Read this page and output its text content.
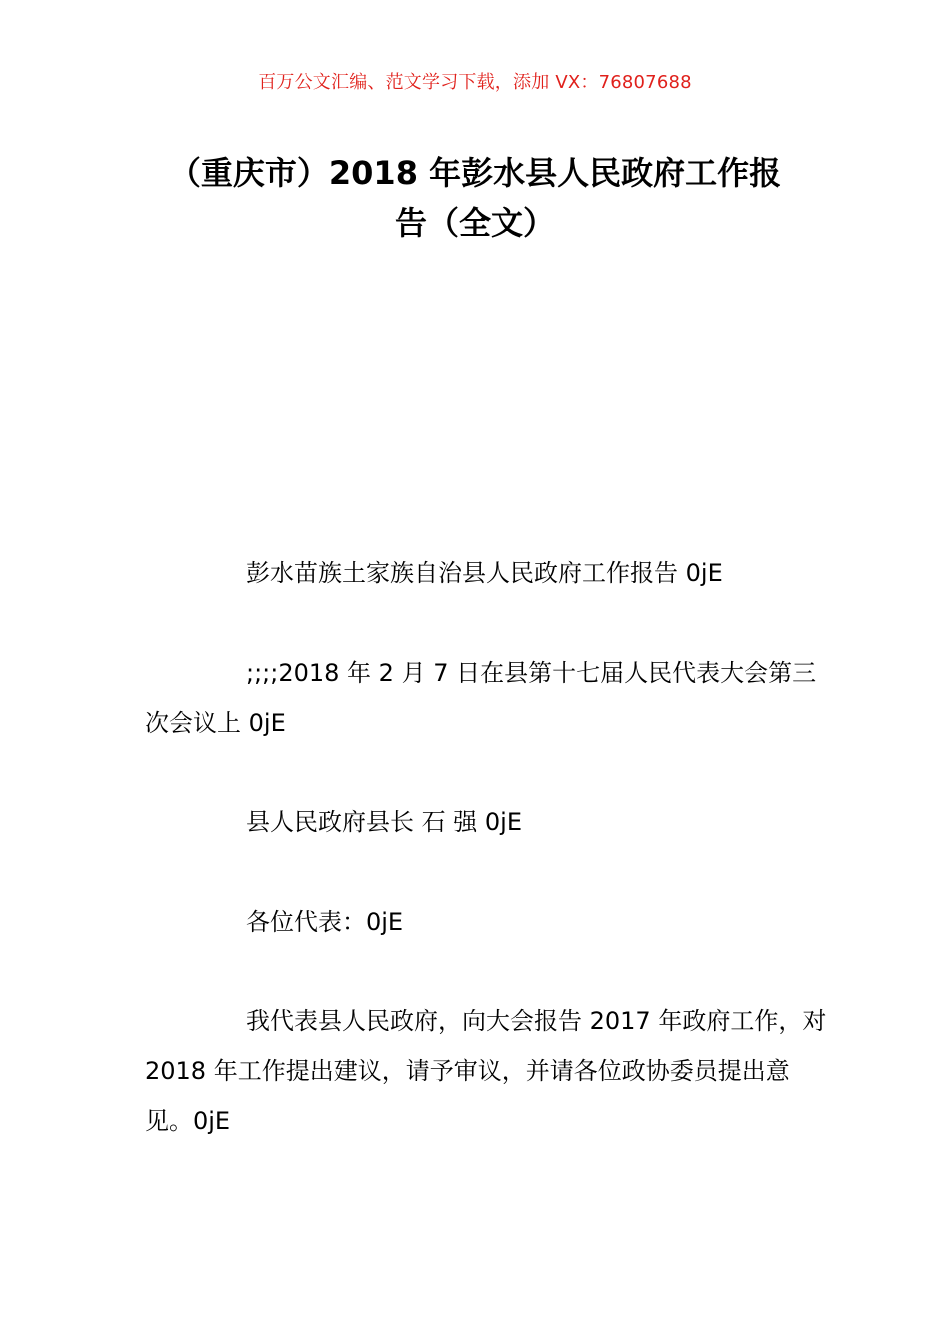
百万公文汇编、范文学习下载，添加 VX：76807688
（重庆市）2018 年彭水县人民政府工作报
告（全文）

彭水苗族土家族自治县人民政府工作报告 0jE

;;;;2018 年 2 月 7 日在县第十七届人民代表大会第三次会议上 0jE

县人民政府县长 石 强 0jE

各位代表：0jE

我代表县人民政府，向大会报告 2017 年政府工作，对 2018 年工作提出建议，请予审议，并请各位政协委员提出意见。0jE
